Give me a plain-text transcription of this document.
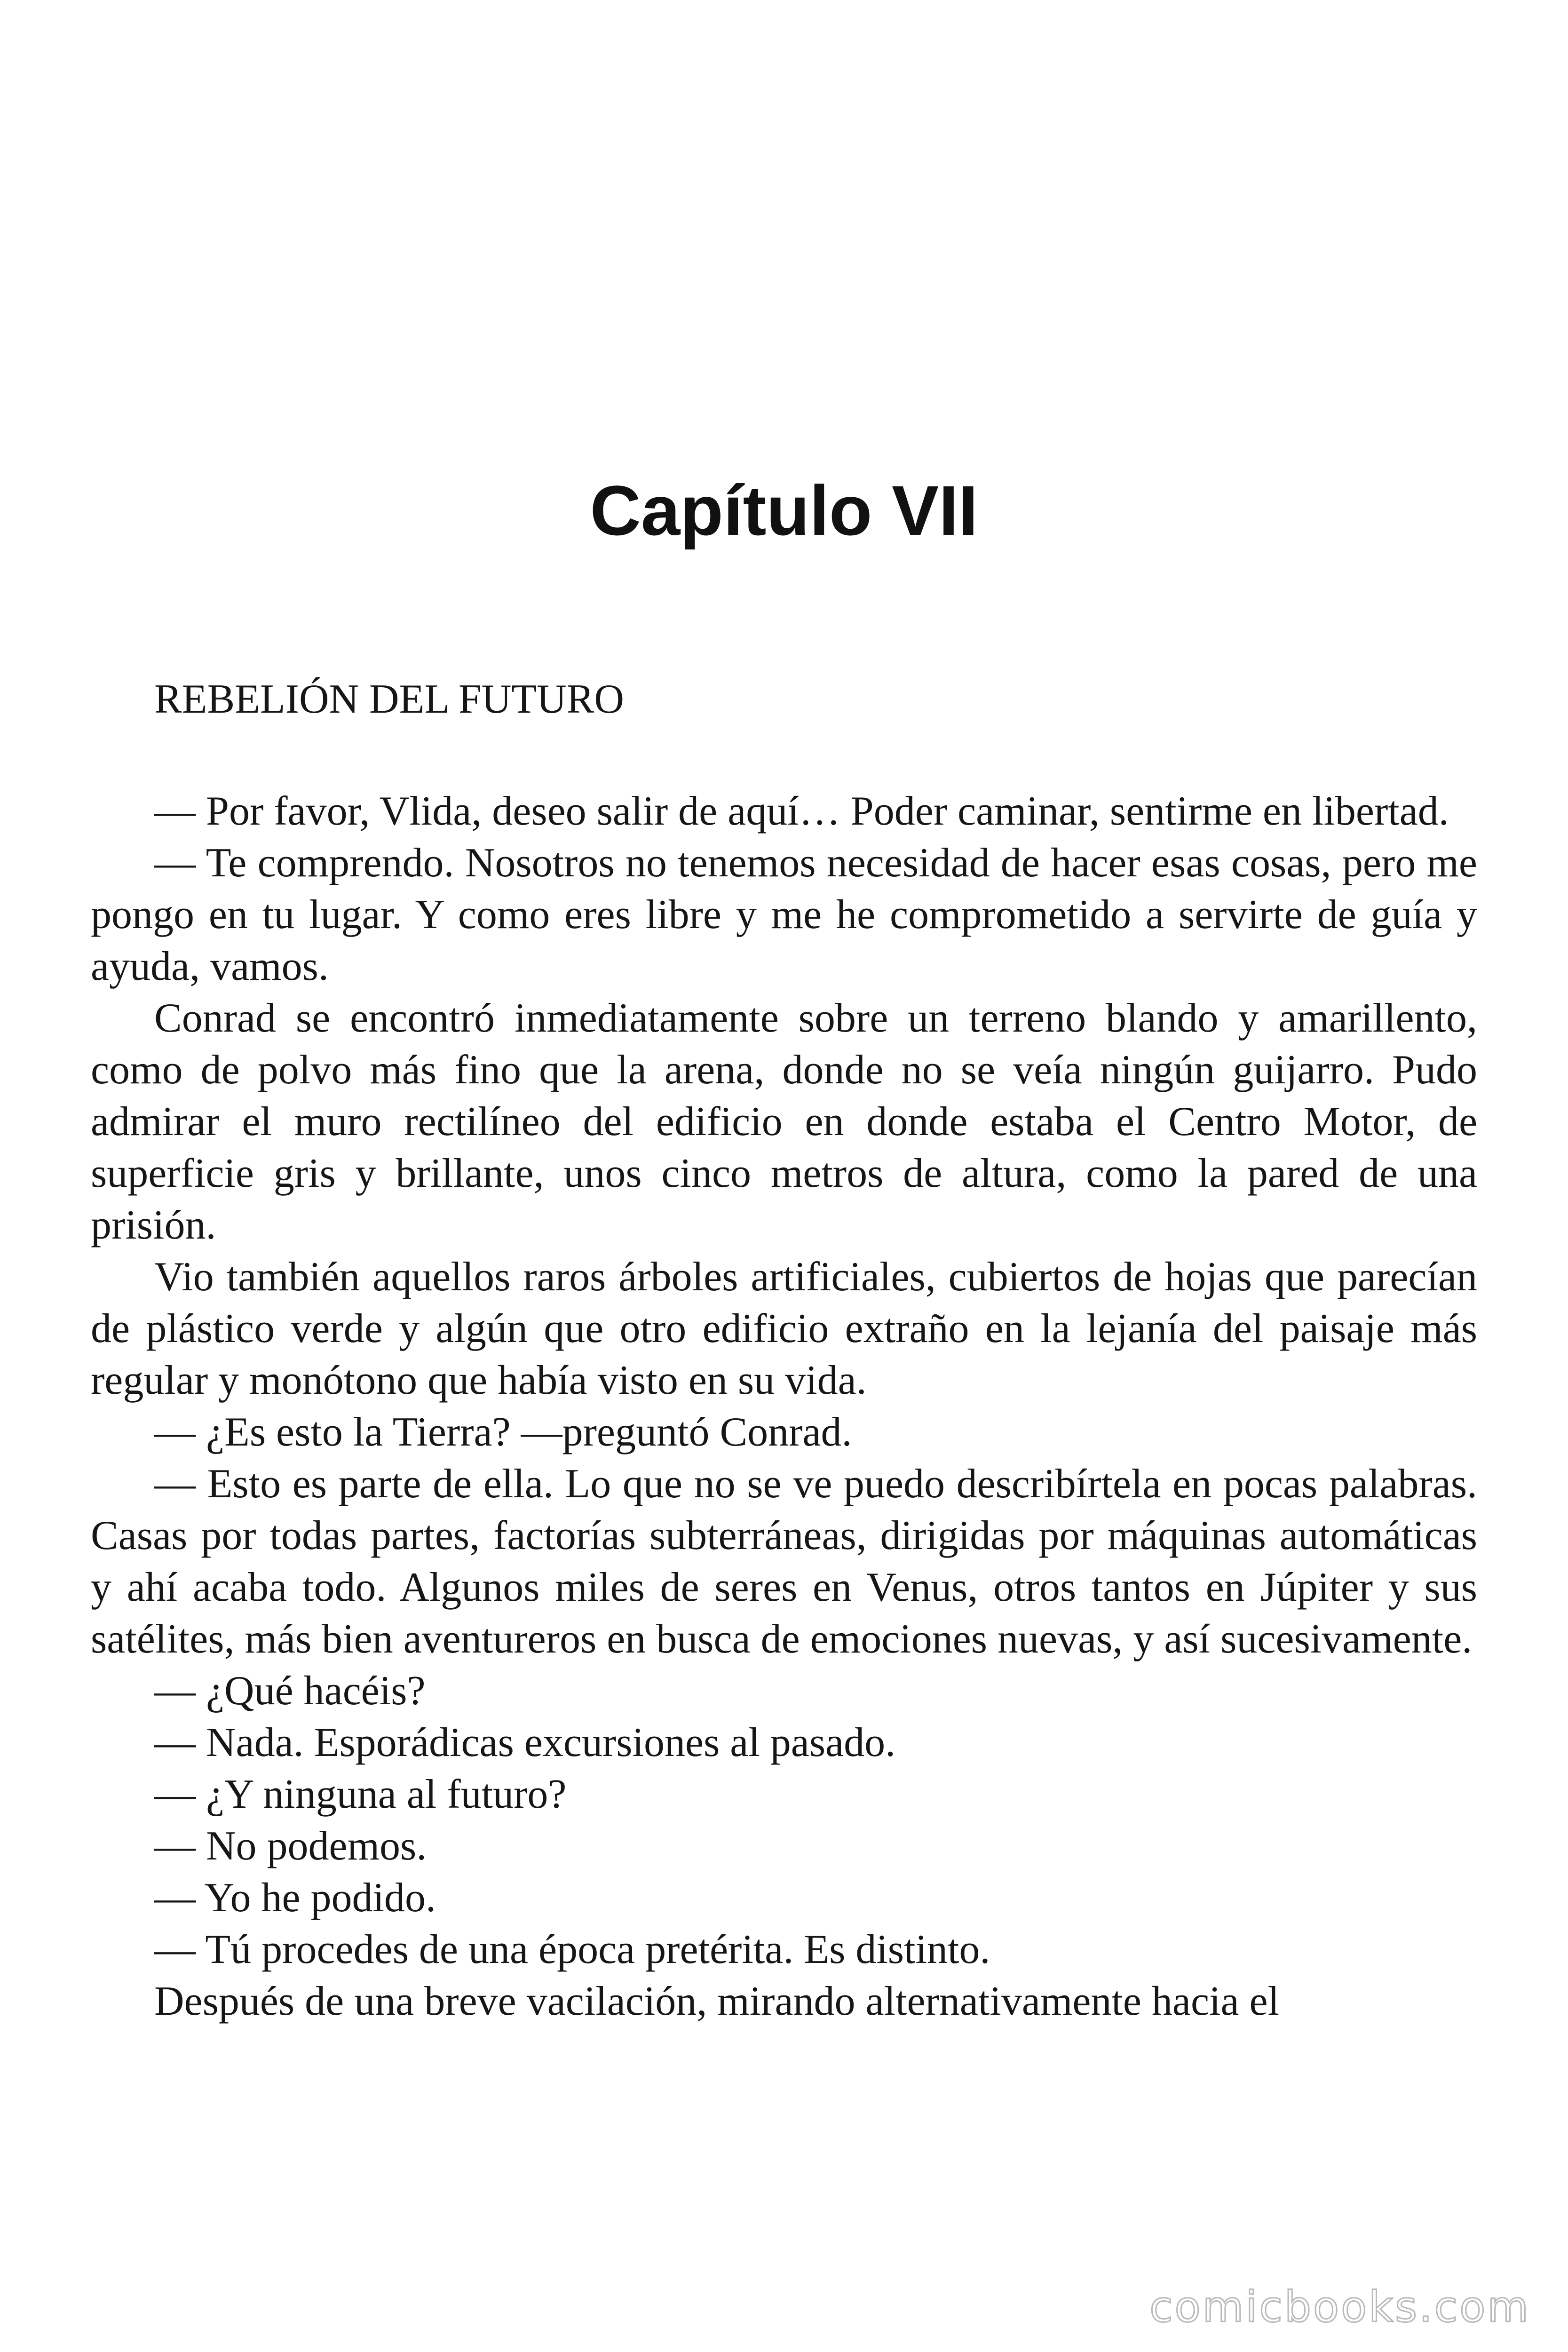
Capítulo VII

REBELIÓN DEL FUTURO

— Por favor, Vlida, deseo salir de aquí… Poder caminar, sentirme en libertad.

— Te comprendo. Nosotros no tenemos necesidad de hacer esas cosas, pero me pongo en tu lugar. Y como eres libre y me he comprometido a servirte de guía y ayuda, vamos.

Conrad se encontró inmediatamente sobre un terreno blando y amarillento, como de polvo más fino que la arena, donde no se veía ningún guijarro. Pudo admirar el muro rectilíneo del edificio en donde estaba el Centro Motor, de superficie gris y brillante, unos cinco metros de altura, como la pared de una prisión.

Vio también aquellos raros árboles artificiales, cubiertos de hojas que parecían de plástico verde y algún que otro edificio extraño en la lejanía del paisaje más regular y monótono que había visto en su vida.

— ¿Es esto la Tierra? —preguntó Conrad.

— Esto es parte de ella. Lo que no se ve puedo describírtela en pocas palabras. Casas por todas partes, factorías subterráneas, dirigidas por máquinas automáticas y ahí acaba todo. Algunos miles de seres en Venus, otros tantos en Júpiter y sus satélites, más bien aventureros en busca de emociones nuevas, y así sucesivamente.

— ¿Qué hacéis?

— Nada. Esporádicas excursiones al pasado.

— ¿Y ninguna al futuro?

— No podemos.

— Yo he podido.

— Tú procedes de una época pretérita. Es distinto.

Después de una breve vacilación, mirando alternativamente hacia el

comicbooks.com
